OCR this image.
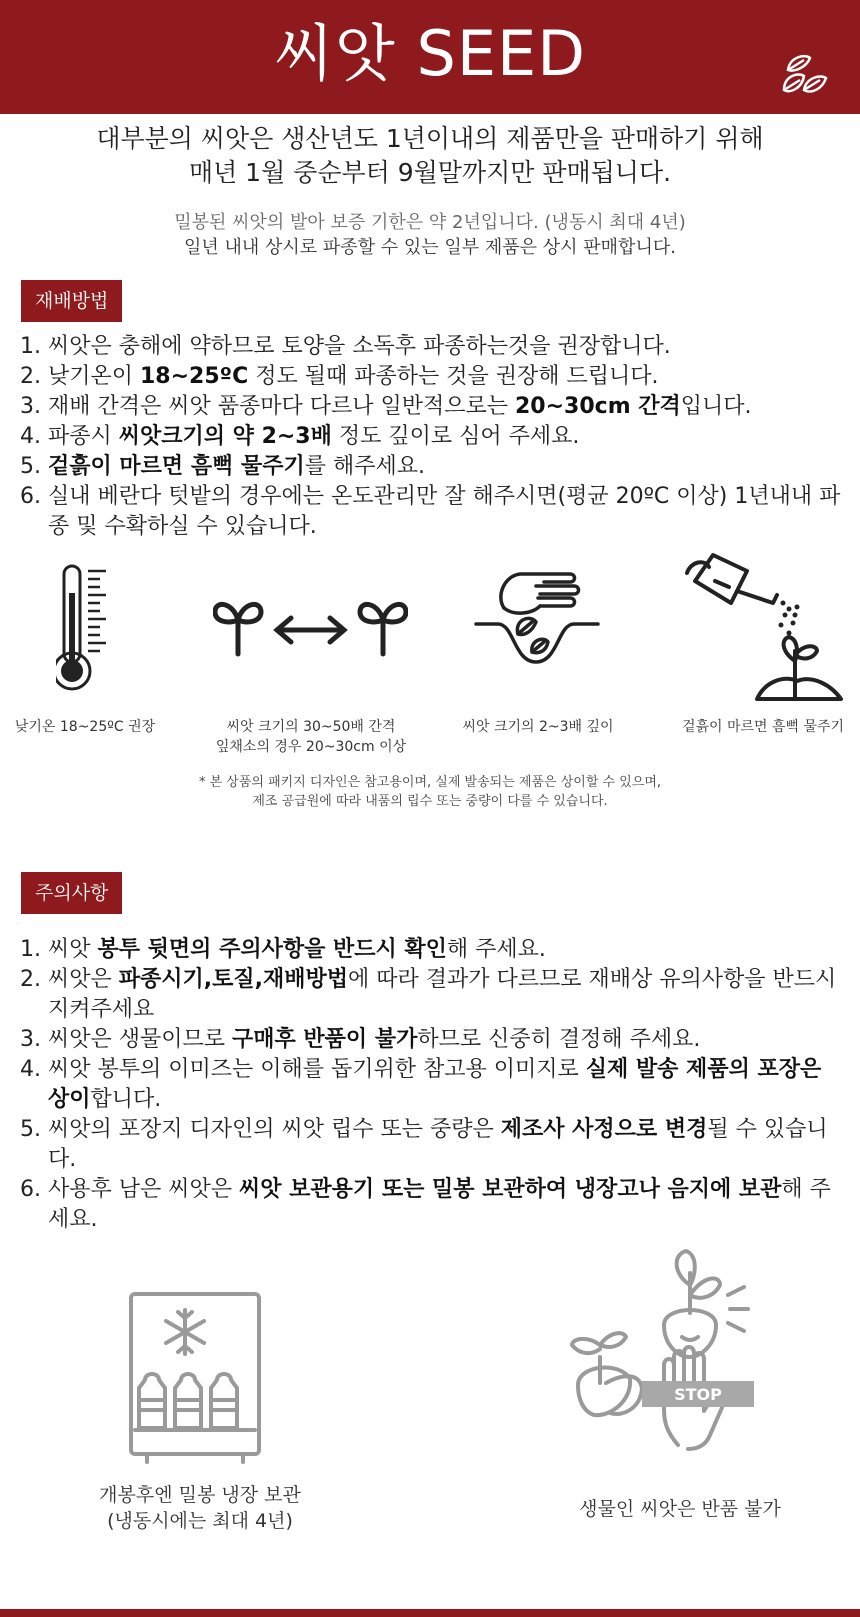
씨앗 SEED
대부분의 씨앗은 생산년도 1년이내의 제품만을 판매하기 위해
매년 1월 중순부터 9월말까지만 판매됩니다.
밀봉된 씨앗의 발아 보증 기한은 약 2년입니다. (냉동시 최대 4년)
일년 내내 상시로 파종할 수 있는 일부 제품은 상시 판매합니다.
재배방법
1. 씨앗은 충해에 약하므로 토양을 소독후 파종하는것을 권장합니다.
2. 낮기온이 18~25ºC 정도 될때 파종하는 것을 권장해 드립니다.
3. 재배 간격은 씨앗 품종마다 다르나 일반적으로는 20~30cm 간격입니다.
4. 파종시 씨앗크기의 약 2~3배 정도 깊이로 심어 주세요.
5. 겉흙이 마르면 흠뻑 물주기를 해주세요.
6. 실내 베란다 텃밭의 경우에는 온도관리만 잘 해주시면(평균 20ºC 이상) 1년내내 파종 및 수확하실 수 있습니다.
낮기온 18~25ºC 권장	씨앗 크기의 30~50배 간격
잎채소의 경우 20~30cm 이상
씨앗 크기의 2~3배 깊이	겉흙이 마르면 흠뻑 물주기
* 본 상품의 패키지 디자인은 참고용이며, 실제 발송되는 제품은 상이할 수 있으며,
제조 공급원에 따라 내품의 립수 또는 중량이 다를 수 있습니다.
주의사항
1. 씨앗 봉투 뒷면의 주의사항을 반드시 확인해 주세요.
2. 씨앗은 파종시기,토질,재배방법에 따라 결과가 다르므로 재배상 유의사항을 반드시 지켜주세요
3. 씨앗은 생물이므로 구매후 반품이 불가하므로 신중히 결정해 주세요.
4. 씨앗 봉투의 이미즈는 이해를 돕기위한 참고용 이미지로 실제 발송 제품의 포장은 상이합니다.
5. 씨앗의 포장지 디자인의 씨앗 립수 또는 중량은 제조사 사정으로 변경될 수 있습니다.
6. 사용후 남은 씨앗은 씨앗 보관용기 또는 밀봉 보관하여 냉장고나 음지에 보관해 주세요.
STOP
개봉후엔 밀봉 냉장 보관
(냉동시에는 최대 4년)
생물인 씨앗은 반품 불가
